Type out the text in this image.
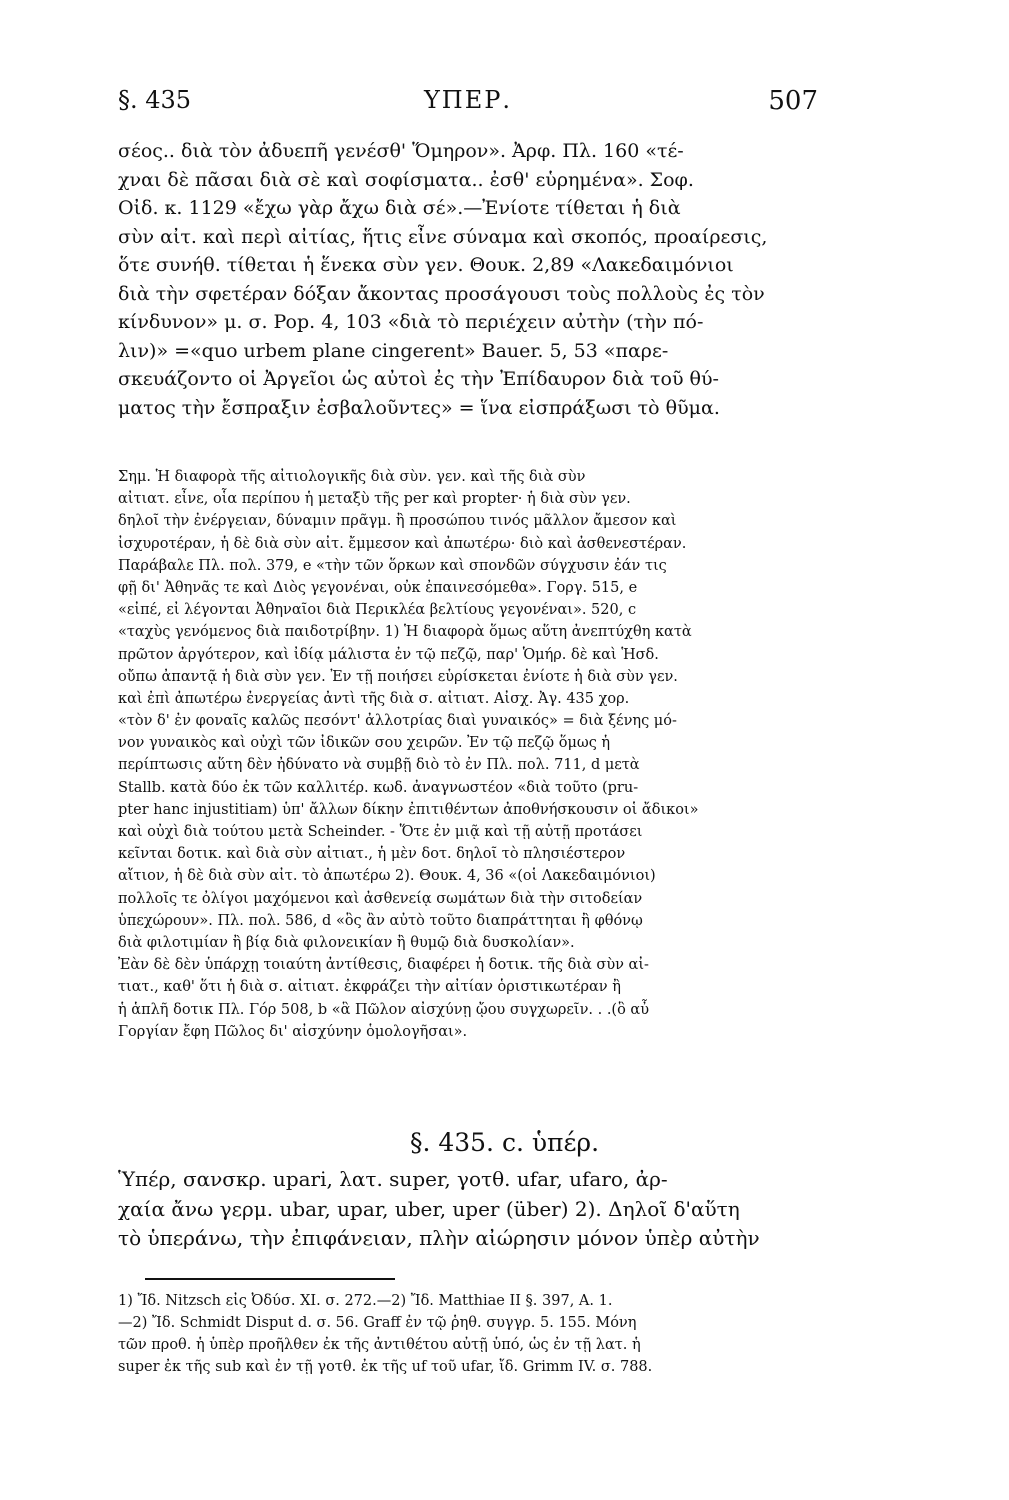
§. 435	ΥΠΕΡ.	507
σέος.. διὰ τὸν ἀδυεπῆ γενέσθ' Ὅμηρον». Ἀρφ. Πλ. 160 «τέ-
χναι δὲ πᾶσαι διὰ σὲ καὶ σοφίσματα.. ἐσθ' εὑρημένα». Σοφ.
Οἰδ. κ. 1129 «ἔχω γὰρ ἄχω διὰ σέ».—Ἐνίοτε τίθεται ἡ διὰ
σὺν αἰτ. καὶ περὶ αἰτίας, ἥτις εἶνε σύναμα καὶ σκοπός, προαίρεσις,
ὅτε συνήθ. τίθεται ἡ ἕνεκα σὺν γεν. Θουκ. 2,89 «Λακεδαιμόνιοι
διὰ τὴν σφετέραν δόξαν ἄκοντας προσάγουσι τοὺς πολλοὺς ἐς τὸν
κίνδυνον» μ. σ. Pop. 4, 103 «διὰ τὸ περιέχειν αὐτὴν (τὴν πό-
λιν)» =«quo urbem plane cingerent» Bauer. 5, 53 «παρε-
σκευάζοντο οἱ Ἀργεῖοι ὡς αὐτοὶ ἐς τὴν Ἐπίδαυρον διὰ τοῦ θύ-
ματος τὴν ἔσπραξιν ἐσβαλοῦντες» = ἵνα εἰσπράξωσι τὸ θῦμα.
Σημ. Ἡ διαφορὰ τῆς αἰτιολογικῆς διὰ σὺν. γεν. καὶ τῆς διὰ σὺν
αἰτιατ. εἶνε, οἷα περίπου ἡ μεταξὺ τῆς per καὶ propter· ἡ διὰ σὺν γεν.
δηλοῖ τὴν ἐνέργειαν, δύναμιν πρᾶγμ. ἢ προσώπου τινός μᾶλλον ἄμεσον καὶ
ἰσχυροτέραν, ἡ δὲ διὰ σὺν αἰτ. ἔμμεσον καὶ ἀπωτέρω· διὸ καὶ ἀσθενεστέραν.
Παράβαλε Πλ. πολ. 379, e «τὴν τῶν ὅρκων καὶ σπονδῶν σύγχυσιν ἐάν τις
φῇ δι' Ἀθηνᾶς τε καὶ Διὸς γεγονέναι, οὐκ ἐπαινεσόμεθα». Γοργ. 515, e
«εἰπέ, εἰ λέγονται Ἀθηναῖοι διὰ Περικλέα βελτίους γεγονέναι». 520, c
«ταχὺς γενόμενος διὰ παιδοτρίβην. 1) Ἡ διαφορὰ ὅμως αὕτη ἀνεπτύχθη κατὰ
πρῶτον ἀργότερον, καὶ ἰδίᾳ μάλιστα ἐν τῷ πεζῷ, παρ' Ὁμήρ. δὲ καὶ Ἡσδ.
οὔπω ἀπαντᾷ ἡ διὰ σὺν γεν. Ἐν τῇ ποιήσει εὑρίσκεται ἐνίοτε ἡ διὰ σὺν γεν.
καὶ ἐπὶ ἀπωτέρω ἐνεργείας ἀντὶ τῆς διὰ σ. αἰτιατ. Αἰσχ. Ἀγ. 435 χορ.
«τὸν δ' ἐν φοναῖς καλῶς πεσόντ' ἀλλοτρίας διαὶ γυναικός» = διὰ ξένης μό-
νον γυναικὸς καὶ οὐχὶ τῶν ἰδικῶν σου χειρῶν. Ἐν τῷ πεζῷ ὅμως ἡ
περίπτωσις αὕτη δὲν ἠδύνατο νὰ συμβῇ διὸ τὸ ἐν Πλ. πολ. 711, d μετὰ
Stallb. κατὰ δύο ἐκ τῶν καλλιτέρ. κωδ. ἀναγνωστέον «διὰ τοῦτο (pru-
pter hanc injustitiam) ὑπ' ἄλλων δίκην ἐπιτιθέντων ἀποθνήσκουσιν οἱ ἄδικοι»
καὶ οὐχὶ διὰ τούτου μετὰ Scheinder. - Ὅτε ἐν μιᾷ καὶ τῇ αὐτῇ προτάσει
κεῖνται δοτικ. καὶ διὰ σὺν αἰτιατ., ἡ μὲν δοτ. δηλοῖ τὸ πλησιέστερον
αἴτιον, ἡ δὲ διὰ σὺν αἰτ. τὸ ἀπωτέρω 2). Θουκ. 4, 36 «(οἱ Λακεδαιμόνιοι)
πολλοῖς τε ὀλίγοι μαχόμενοι καὶ ἀσθενείᾳ σωμάτων διὰ τὴν σιτοδείαν
ὑπεχώρουν». Πλ. πολ. 586, d «ὃς ἂν αὐτὸ τοῦτο διαπράττηται ἢ φθόνῳ
διὰ φιλοτιμίαν ἢ βίᾳ διὰ φιλονεικίαν ἢ θυμῷ διὰ δυσκολίαν».
Ἐὰν δὲ δὲν ὑπάρχῃ τοιαύτη ἀντίθεσις, διαφέρει ἡ δοτικ. τῆς διὰ σὺν αἰ-
τιατ., καθ' ὅτι ἡ διὰ σ. αἰτιατ. ἐκφράζει τὴν αἰτίαν ὁριστικωτέραν ἢ
ἡ ἁπλῆ δοτικ Πλ. Γόρ 508, b «ἃ Πῶλον αἰσχύνῃ ᾤου συγχωρεῖν. . .(ὃ αὖ
Γοργίαν ἔφη Πῶλος δι' αἰσχύνην ὁμολογῆσαι».
§. 435. c. ὑπέρ.
Ὑπέρ, σανσκρ. upari, λατ. super, γοτθ. ufar, ufaro, ἀρ-
χαία ἄνω γερμ. ubar, upar, uber, uper (über) 2). Δηλοῖ δ'αὕτη
τὸ ὑπεράνω, τὴν ἐπιφάνειαν, πλὴν αἰώρησιν μόνον ὑπὲρ αὐτὴν
1) Ἴδ. Nitzsch εἰς Ὀδύσ. XI. σ. 272.—2) Ἴδ. Matthiae II §. 397, A. 1.
—2) Ἴδ. Schmidt Disput d. σ. 56. Graff ἐν τῷ ῥηθ. συγγρ. 5. 155. Μόνη
τῶν προθ. ἡ ὑπὲρ προῆλθεν ἐκ τῆς ἀντιθέτου αὐτῇ ὑπό, ὡς ἐν τῇ λατ. ἡ
super ἐκ τῆς sub καὶ ἐν τῇ γοτθ. ἐκ τῆς uf τοῦ ufar, ἴδ. Grimm IV. σ. 788.
